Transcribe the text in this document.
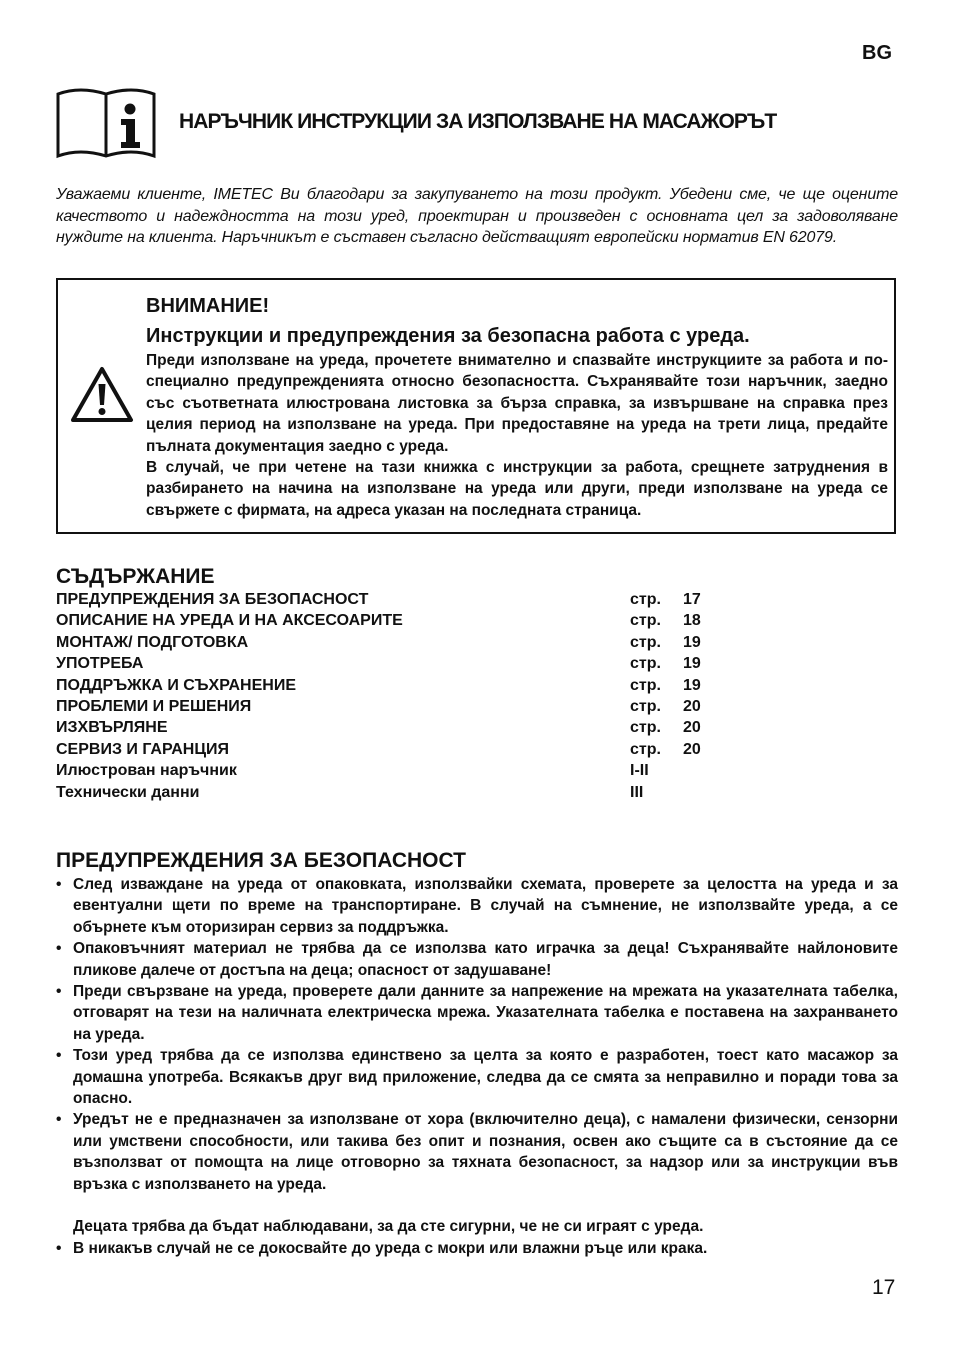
BG
НАРЪЧНИК ИНСТРУКЦИИ ЗА ИЗПОЛЗВАНЕ НА МАСАЖОРЪТ

Уважаеми клиенте, IMETEC Ви благодари за закупуването на този продукт. Убедени сме, че ще оцените качеството и надеждността на този уред, проектиран и произведен с основната цел за задоволяване нуждите на клиента. Наръчникът е съставен съгласно действащият европейски норматив EN 62079.

ВНИМАНИЕ!

Инструкции и предупреждения за безопасна работа с уреда.

Преди използване на уреда, прочетете внимателно и спазвайте инструкциите за работа и по-специално предупрежденията относно безопасността. Съхранявайте този наръчник, заедно със съответната илюстрована листовка за бърза справка, за извършване на справка през целия период на използване на уреда. При предоставяне на уреда на трети лица, предайте пълната документация заедно с уреда.

В случай, че при четене на тази книжка с инструкции за работа, срещнете затруднения в разбирането на начина на използване на уреда или други, преди използване на уреда се свържете с фирмата, на адреса указан на последната страница.

СЪДЪРЖАНИЕ
ПРЕДУПРЕЖДЕНИЯ ЗА БЕЗОПАСНОСТ	стр. 17
ОПИСАНИЕ НА УРЕДА И НА АКСЕСОАРИТЕ	стр. 18
МОНТАЖ/ ПОДГОТОВКА	стр. 19
УПОТРЕБА	стр. 19
ПОДДРЪЖКА И СЪХРАНЕНИЕ	стр. 19
ПРОБЛЕМИ И РЕШЕНИЯ	стр. 20
ИЗХВЪРЛЯНЕ	стр. 20
СЕРВИЗ И ГАРАНЦИЯ	стр. 20
Илюстрован наръчник	I-II
Технически данни	III
ПРЕДУПРЕЖДЕНИЯ ЗА БЕЗОПАСНОСТ
• След изваждане на уреда от опаковката, използвайки схемата, проверете за целостта на уреда и за евентуални щети по време на транспортиране. В случай на съмнение, не използвайте уреда, а се обърнете към оторизиран сервиз за поддръжка.
• Опаковъчният материал не трябва да се използва като играчка за деца! Съхранявайте найлоновите пликове далече от достъпа на деца; опасност от задушаване!
• Преди свързване на уреда, проверете дали данните за напрежение на мрежата на указателната табелка, отговарят на тези на наличната електрическа мрежа. Указателната табелка е поставена на захранването на уреда.
• Този уред трябва да се използва единствено за целта за която е разработен, тоест като масажор за домашна употреба. Всякакъв друг вид приложение, следва да се смята за неправилно и поради това за опасно.
• Уредът не е предназначен за използване от хора (включително деца), с намалени физически, сензорни или умствени способности, или такива без опит и познания, освен ако същите са в състояние да се възползват от помощта на лице отговорно за тяхната безопасност, за надзор или за инструкции във връзка с използването на уреда.
Децата трябва да бъдат наблюдавани, за да сте сигурни, че не си играят с уреда.
• В никакъв случай не се докосвайте до уреда с мокри или влажни ръце или крака.
17
